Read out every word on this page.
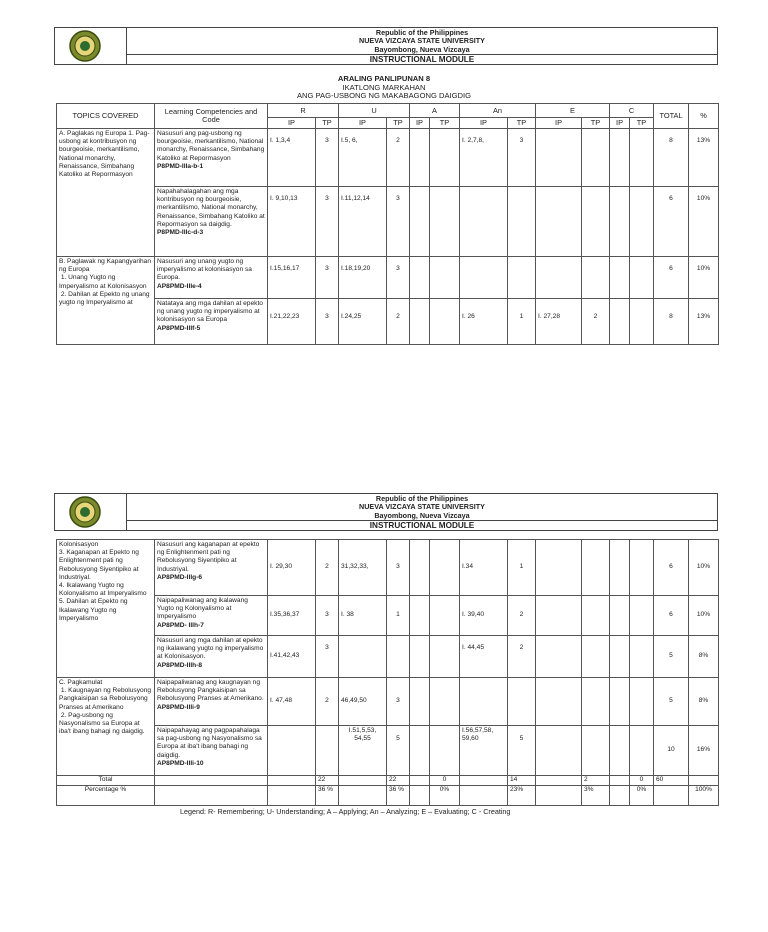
Republic of the Philippines
NUEVA VIZCAYA STATE UNIVERSITY
Bayombong, Nueva Vizcaya
INSTRUCTIONAL MODULE
ARALING PANLIPUNAN 8
IKATLONG MARKAHAN
ANG PAG-USBONG NG MAKABAGONG DAIGDIG
TOPICS COVERED	Learning Competencies and Code	R		U		A		An		E		C		TOTAL	%
		IP	TP	IP	TP	IP	TP	IP	TP	IP	TP	IP	TP		
A. Paglakas ng Europa 1. Pag-usbong at kontribusyon ng bourgeoisie, merkantilismo, National monarchy, Renaissance, Simbahang Katoliko at Repormasyon	Nasusuri ang pag-usbong ng bourgeoisie, merkantilismo, National monarchy, Renaissance, Simbahang Katoliko at Repormasyon
P8PMD-IIIa-b-1	I. 1,3,4	3	I.5, 6,	2			I. 2,7,8,	3					8	13%
	Napahahalagahan ang mga kontribusyon ng bourgeoisie, merkantilismo, National monarchy, Renaissance, Simbahang Katoliko at Repormasyon sa daigdig.
P8PMD-IIIc-d-3	I. 9,10,13	3	I.11,12,14	3									6	10%
B. Paglawak ng Kapangyarihan ng Europa
1. Unang Yugto ng Imperyalismo at Kolonisasyon
2. Dahilan at Epekto ng unang yugto ng Imperyalismo at	Nasusuri ang unang yugto ng imperyalismo at kolonisasyon sa Europa.
AP8PMD-IIIe-4	I.15,16,17	3	I.18,19,20	3									6	10%
	Natataya ang mga dahilan at epekto ng unang yugto ng imperyalismo at kolonisasyon sa Europa
AP8PMD-IIIf-5	I.21,22,23	3	I.24,25	2			I. 26	1	I. 27,28	2			8	13%
Republic of the Philippines
NUEVA VIZCAYA STATE UNIVERSITY
Bayombong, Nueva Vizcaya
INSTRUCTIONAL MODULE
Kolonisasyon
3. Kaganapan at Epekto ng Enlightenment pati ng Rebolusyong Siyentipiko at Industriyal.
4. Ikalawang Yugto ng Kolonyalismo at Imperyalismo
5. Dahilan at Epekto ng Ikalawang Yugto ng Imperyalismo	Nasusuri ang kaganapan at epekto ng Enlightenment pati ng Rebolusyong Siyentipiko at Industriyal.
AP8PMD-IIIg-6	I. 29,30	2	31,32,33,	3			I.34	1					6	10%
	Naipapaliwanag ang ikalawang Yugto ng Kolonyalismo at Imperyalismo
AP8PMD- IIIh-7	I.35,36,37	3	I. 38	1			I. 39,40	2					6	10%
	Nasusuri ang mga dahilan at epekto ng ikalawang yugto ng imperyalismo at Kolonisasyon.
AP8PMD-IIIh-8	I.41,42,43	3					I. 44,45	2					5	8%
C. Pagkamulat
1. Kaugnayan ng Rebolusyong Pangkaisipan sa Rebolusyong Pranses at Amerikano
2. Pag-usbong ng Nasyonalismo sa Europa at iba't ibang bahagi ng daigdig.	Naipapaliwanag ang kaugnayan ng Rebolusyong Pangkaisipan sa Rebolusyong Pranses at Amerikano.
AP8PMD-IIIi-9	I. 47,48	2	46,49,50	3									5	8%
	Naipapahayag ang pagpapahalaga sa pag-usbong ng Nasyonalismo sa Europa at iba't ibang bahagi ng daigdig.
AP8PMD-IIIi-10			I.51,5,53, 54,55	5			I.56,57,58, 59,60	5					10	16%
Total			22		22		0		14		2		0	60	
Percentage %			36 %		36 %		0%		23%		3%		0%		100%
Legend: R- Remembering; U- Understanding; A – Applying; An – Analyzing; E – Evaluating; C - Creating
